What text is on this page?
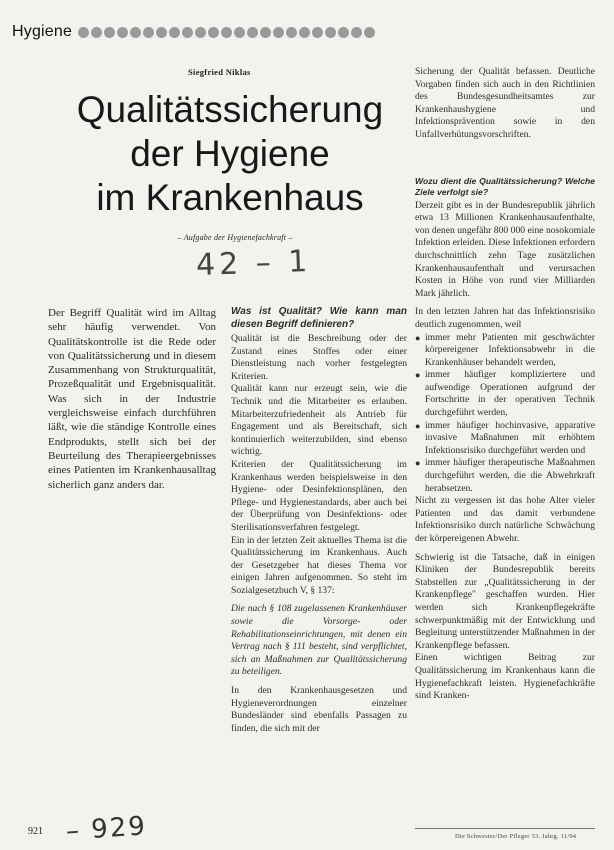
Hygiene
Siegfried Niklas
Qualitätssicherung
der Hygiene
im Krankenhaus
– Aufgabe der Hygienefachkraft –
42 – 1

Der Begriff Qualität wird im Alltag sehr häufig verwendet. Von Qualitätskontrolle ist die Rede oder von Qualitätssicherung und in diesem Zusammenhang von Strukturqualität, Prozeßqualität und Ergebnisqualität. Was sich in der Industrie vergleichsweise einfach durchführen läßt, wie die ständige Kontrolle eines Endprodukts, stellt sich bei der Beurteilung des Therapieergebnisses eines Patienten im Krankenhausalltag sicherlich ganz anders dar.

Was ist Qualität? Wie kann man diesen Begriff definieren?

Qualität ist die Beschreibung oder der Zustand eines Stoffes oder einer Dienstleistung nach vorher festgelegten Kriterien.

Qualität kann nur erzeugt sein, wie die Technik und die Mitarbeiter es erlauben. Mitarbeiterzufriedenheit als Antrieb für Engagement und als Bereitschaft, sich kontinuierlich weiterzubilden, sind ebenso wichtig.

Kriterien der Qualitätssicherung im Krankenhaus werden beispielsweise in den Hygiene- oder Desinfektionsplänen, den Pflege- und Hygienestandards, aber auch bei der Überprüfung von Desinfektions- oder Sterilisationsverfahren festgelegt.

Ein in der letzten Zeit aktuelles Thema ist die Qualitätssicherung im Krankenhaus. Auch der Gesetzgeber hat dieses Thema vor einigen Jahren aufgenommen. So steht im Sozialgesetzbuch V, § 137:

Die nach § 108 zugelassenen Krankenhäuser sowie die Vorsorge- oder Rehabilitationseinrichtungen, mit denen ein Vertrag nach § 111 besteht, sind verpflichtet, sich an Maßnahmen zur Qualitätssicherung zu beteiligen.

In den Krankenhausgesetzen und Hygieneverordnungen einzelner Bundesländer sind ebenfalls Passagen zu finden, die sich mit der

Sicherung der Qualität befassen. Deutliche Vorgaben finden sich auch in den Richtlinien des Bundesgesundheitsamtes zur Krankenhaushygiene und Infektionsprävention sowie in den Unfallverhütungsvorschriften.

Wozu dient die Qualitätssicherung? Welche Ziele verfolgt sie?

Derzeit gibt es in der Bundesrepublik jährlich etwa 13 Millionen Krankenhausaufenthalte, von denen ungefähr 800 000 eine nosokomiale Infektion erleiden. Diese Infektionen erfordern durchschnittlich zehn Tage zusätzlichen Krankenhausaufenthalt und verursachen Kosten in Höhe von rund vier Milliarden Mark jährlich.

In den letzten Jahren hat das Infektionsrisiko deutlich zugenommen, weil

● immer mehr Patienten mit geschwächter körpereigener Infektionsabwehr in die Krankenhäuser behandelt werden,
● immer häufiger kompliziertere und aufwendige Operationen aufgrund der Fortschritte in der operativen Technik durchgeführt werden,
● immer häufiger hochinvasive, apparative invasive Maßnahmen mit erhöhtem Infektionsrisiko durchgeführt werden und
● immer häufiger therapeutische Maßnahmen durchgeführt werden, die die Abwehrkraft herabsetzen.

Nicht zu vergessen ist das hohe Alter vieler Patienten und das damit verbundene Infektionsrisiko durch natürliche Schwächung der körpereigenen Abwehr.

Schwierig ist die Tatsache, daß in einigen Kliniken der Bundesrepublik bereits Stabstellen zur „Qualitätssicherung in der Krankenpflege" geschaffen wurden. Hier werden sich Krankenpflegekräfte schwerpunktmäßig mit der Entwicklung und Begleitung unterstützender Maßnahmen in der Krankenpflege befassen.

Einen wichtigen Beitrag zur Qualitätssicherung im Krankenhaus kann die Hygienefachkraft leisten. Hygienefachkräfte sind Kranken-

921 – 929	Die Schwester/Der Pfleger 33. Jahrg. 11/94
